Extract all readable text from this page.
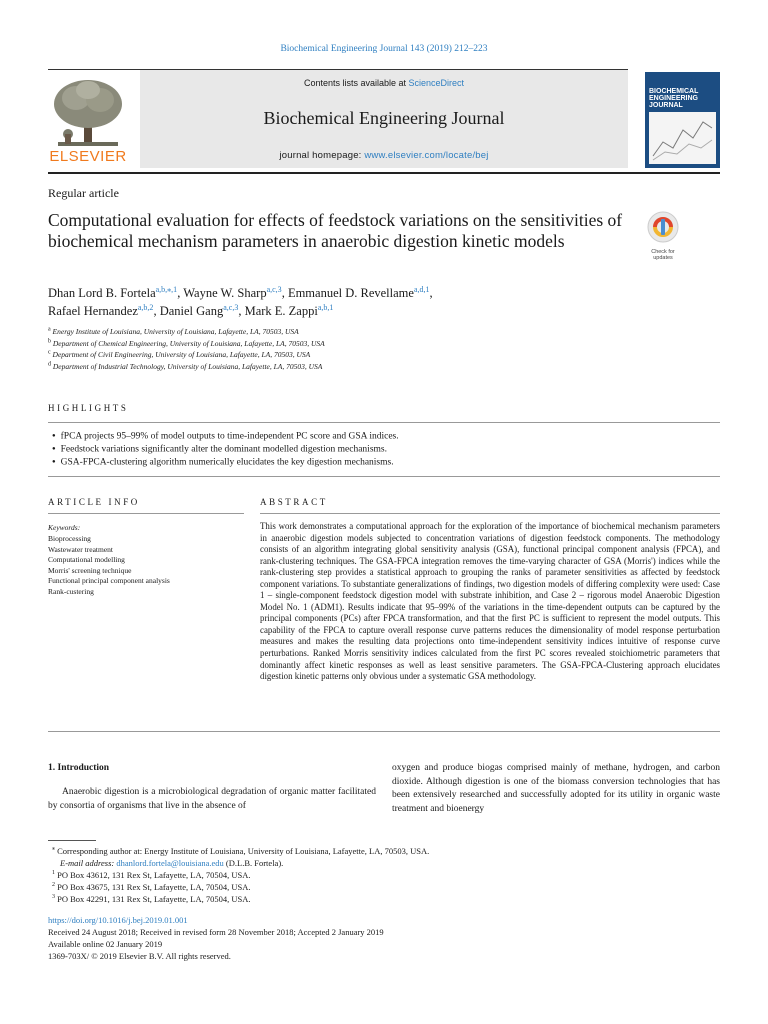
Biochemical Engineering Journal 143 (2019) 212–223
ELSEVIER
Contents lists available at ScienceDirect
Biochemical Engineering Journal
journal homepage: www.elsevier.com/locate/bej
BIOCHEMICAL ENGINEERING JOURNAL
Regular article
Computational evaluation for effects of feedstock variations on the sensitivities of biochemical mechanism parameters in anaerobic digestion kinetic models
Check for
updates
Dhan Lord B. Fortela$^{a,b,⁎,1}$, Wayne W. Sharp$^{a,c,3}$, Emmanuel D. Revellame$^{a,d,1}$,
Rafael Hernandez$^{a,b,2}$, Daniel Gang$^{a,c,3}$, Mark E. Zappi$^{a,b,1}$
$^a$ Energy Institute of Louisiana, University of Louisiana, Lafayette, LA, 70503, USA
$^b$ Department of Chemical Engineering, University of Louisiana, Lafayette, LA, 70503, USA
$^c$ Department of Civil Engineering, University of Louisiana, Lafayette, LA, 70503, USA
$^d$ Department of Industrial Technology, University of Louisiana, Lafayette, LA, 70503, USA
HIGHLIGHTS
● fPCA projects 95–99% of model outputs to time-independent PC score and GSA indices.
● Feedstock variations significantly alter the dominant modelled digestion mechanisms.
● GSA-FPCA-clustering algorithm numerically elucidates the key digestion mechanisms.
ARTICLE INFO
Keywords:
Bioprocessing
Wastewater treatment
Computational modelling
Morris' screening technique
Functional principal component analysis
Rank-custering
ABSTRACT
This work demonstrates a computational approach for the exploration of the importance of biochemical mechanism parameters in anaerobic digestion models subjected to concentration variations of digestion feedstock components. The methodology consists of an algorithm integrating global sensitivity analysis (GSA), functional principal component analysis (FPCA), and rank-clustering techniques. The GSA-FPCA integration removes the time-varying character of GSA (Morris') indices while the rank-clustering step provides a statistical approach to grouping the ranks of parameter sensitivities as affected by feedstock component variations. To substantiate generalizations of findings, two digestion models of differing complexity were used: Case 1 – single-component feedstock digestion model with substrate inhibition, and Case 2 – rigorous model Anaerobic Digestion Model No. 1 (ADM1). Results indicate that 95–99% of the variations in the time-dependent outputs can be captured by the principal components (PCs) after FPCA transformation, and that the first PC is sufficient to represent the model outputs. This capability of the FPCA to capture overall response curve patterns reduces the dimensionality of model response perturbation measures and makes the resulting data projections onto time-independent sensitivity indices intuitive of response curve perturbations. Ranked Morris sensitivity indices calculated from the first PC scores revealed stoichiometric parameters that dominantly affect kinetic responses as well as least sensitive parameters. The GSA-FPCA-Clustering approach elucidates digestion kinetic patterns only obvious under a systematic GSA methodology.
1. Introduction
Anaerobic digestion is a microbiological degradation of organic matter facilitated by consortia of organisms that live in the absence of
oxygen and produce biogas comprised mainly of methane, hydrogen, and carbon dioxide. Although digestion is one of the biomass conversion technologies that has been extensively researched and successfully adopted for its utility in organic waste treatment and bioenergy
⁎ Corresponding author at: Energy Institute of Louisiana, University of Louisiana, Lafayette, LA, 70503, USA.
E-mail address: dhanlord.fortela@louisiana.edu (D.L.B. Fortela).
$^1$ PO Box 43612, 131 Rex St, Lafayette, LA, 70504, USA.
$^2$ PO Box 43675, 131 Rex St, Lafayette, LA, 70504, USA.
$^3$ PO Box 42291, 131 Rex St, Lafayette, LA, 70504, USA.
https://doi.org/10.1016/j.bej.2019.01.001
Received 24 August 2018; Received in revised form 28 November 2018; Accepted 2 January 2019
Available online 02 January 2019
1369-703X/ © 2019 Elsevier B.V. All rights reserved.
